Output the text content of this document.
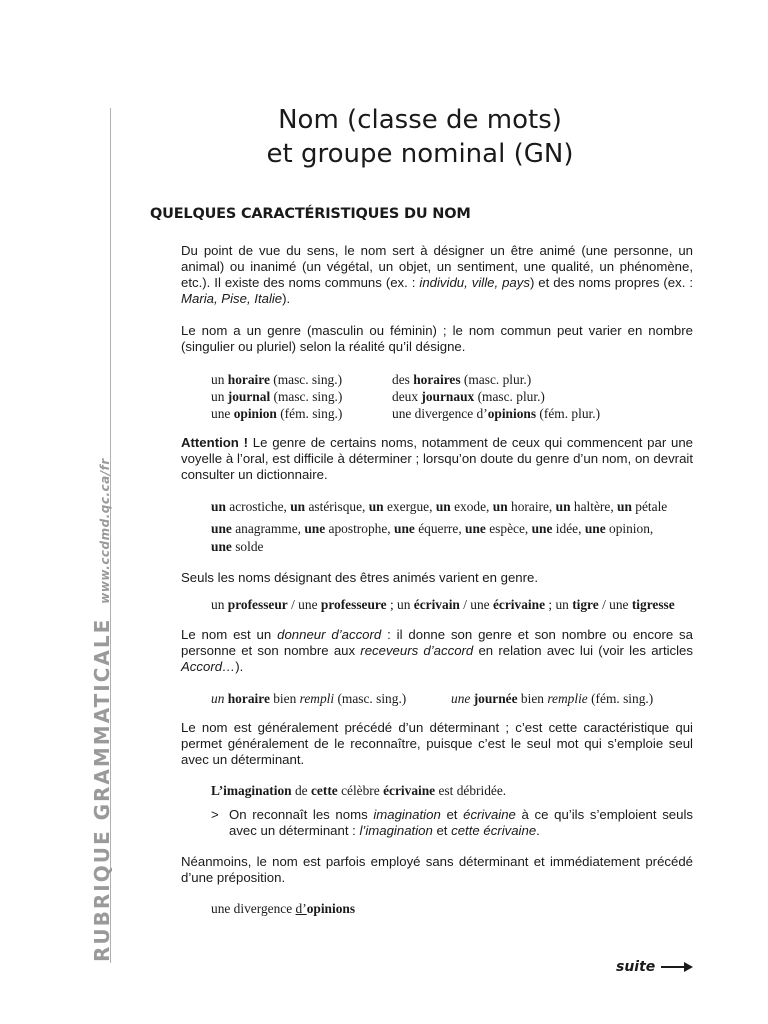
RUBRIQUE GRAMMATICALEwww.ccdmd.qc.ca/fr
Nom (classe de mots)
et groupe nominal (GN)
QUELQUES CARACTÉRISTIQUES DU NOM

Du point de vue du sens, le nom sert à désigner un être animé (une personne, un animal) ou inanimé (un végétal, un objet, un sentiment, une qualité, un phénomène, etc.). Il existe des noms communs (ex. : individu, ville, pays) et des noms propres (ex. : Maria, Pise, Italie).

Le nom a un genre (masculin ou féminin) ; le nom commun peut varier en nombre (singulier ou pluriel) selon la réalité qu’il désigne.

un horaire (masc. sing.)	des horaires (masc. plur.)
un journal (masc. sing.)	deux journaux (masc. plur.)
une opinion (fém. sing.)	une divergence d’opinions (fém. plur.)

Attention ! Le genre de certains noms, notamment de ceux qui commencent par une voyelle à l’oral, est difficile à déterminer ; lorsqu’on doute du genre d’un nom, on devrait consulter un dictionnaire.

un acrostiche, un astérisque, un exergue, un exode, un horaire, un haltère, un pétale
une anagramme, une apostrophe, une équerre, une espèce, une idée, une opinion,
une solde

Seuls les noms désignant des êtres animés varient en genre.

un professeur / une professeure ; un écrivain / une écrivaine ; un tigre / une tigresse

Le nom est un donneur d’accord : il donne son genre et son nombre ou encore sa personne et son nombre aux receveurs d’accord en relation avec lui (voir les articles Accord…).

un horaire bien rempli (masc. sing.)	une journée bien remplie (fém. sing.)

Le nom est généralement précédé d’un déterminant ; c’est cette caractéristique qui permet généralement de le reconnaître, puisque c’est le seul mot qui s’emploie seul avec un déterminant.

L’imagination de cette célèbre écrivaine est débridée.
> On reconnaît les noms imagination et écrivaine à ce qu’ils s’emploient seuls avec un déterminant : l’imagination et cette écrivaine.

Néanmoins, le nom est parfois employé sans déterminant et immédiatement précédé d’une préposition.

une divergence d’opinions
suite
